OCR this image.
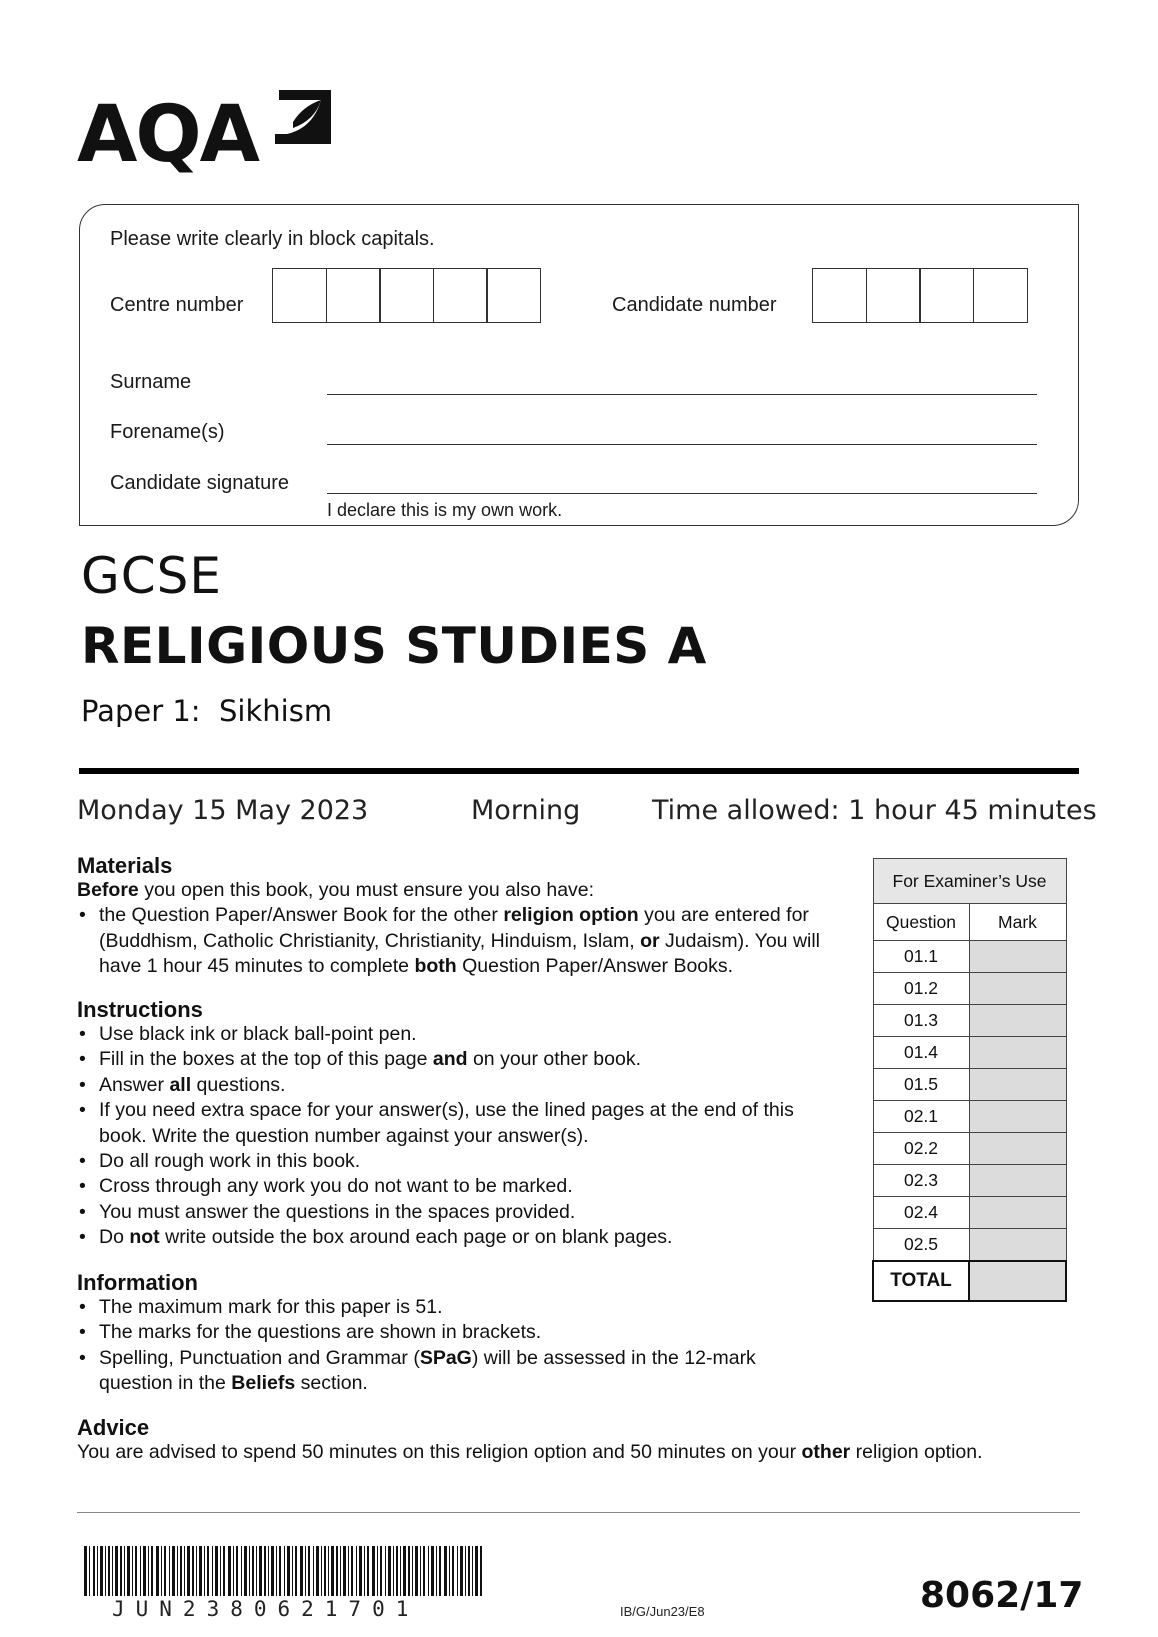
AQA
Please write clearly in block capitals.
Centre number	Candidate number
Surname
Forename(s)
Candidate signature
I declare this is my own work.
GCSE
RELIGIOUS STUDIES A
Paper 1: Sikhism
Monday 15 May 2023	Morning	Time allowed: 1 hour 45 minutes
Materials
Before you open this book, you must ensure you also have:
• the Question Paper/Answer Book for the other religion option you are entered for (Buddhism, Catholic Christianity, Christianity, Hinduism, Islam, or Judaism). You will have 1 hour 45 minutes to complete both Question Paper/Answer Books.
Instructions
• Use black ink or black ball-point pen.
• Fill in the boxes at the top of this page and on your other book.
• Answer all questions.
• If you need extra space for your answer(s), use the lined pages at the end of this book. Write the question number against your answer(s).
• Do all rough work in this book.
• Cross through any work you do not want to be marked.
• You must answer the questions in the spaces provided.
• Do not write outside the box around each page or on blank pages.
Information
• The maximum mark for this paper is 51.
• The marks for the questions are shown in brackets.
• Spelling, Punctuation and Grammar (SPaG) will be assessed in the 12-mark question in the Beliefs section.
Advice
You are advised to spend 50 minutes on this religion option and 50 minutes on your other religion option.
For Examiner’s Use	
Question	Mark
01.1	
01.2	
01.3	
01.4	
01.5	
02.1	
02.2	
02.3	
02.4	
02.5	
TOTAL	
JUN2380621701	IB/G/Jun23/E8	8062/17
